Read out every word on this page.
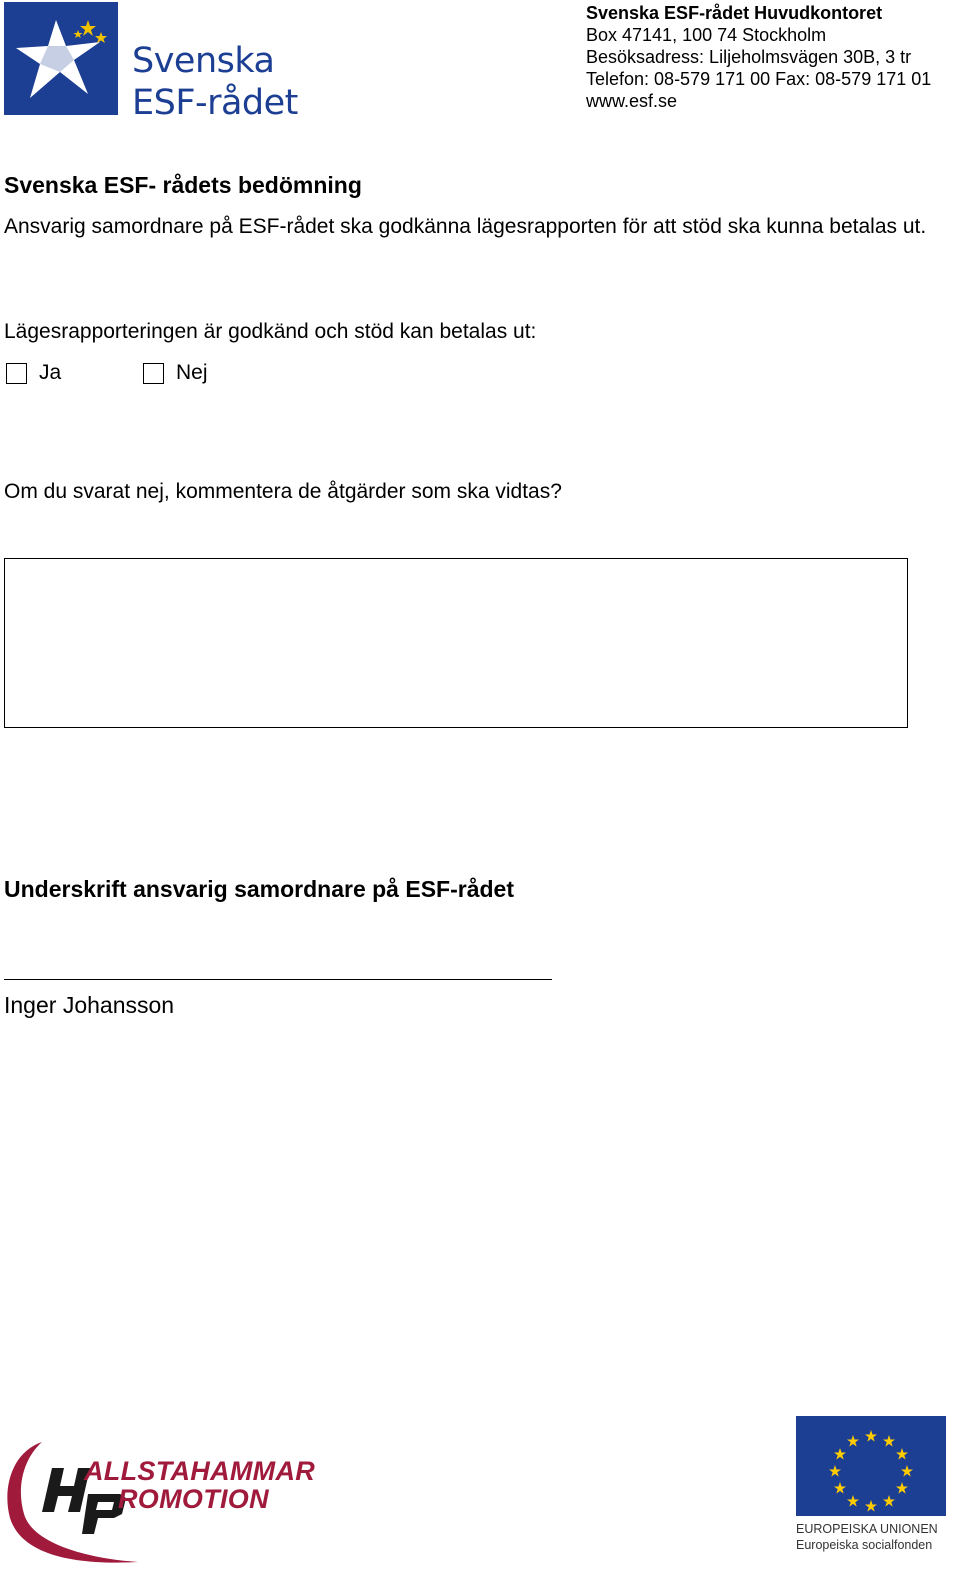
Svenska
ESF-rådet
Svenska ESF-rådet Huvudkontoret
Box 47141, 100 74 Stockholm
Besöksadress: Liljeholmsvägen 30B, 3 tr
Telefon: 08-579 171 00 Fax: 08-579 171 01
www.esf.se
Svenska ESF- rådets bedömning
Ansvarig samordnare på ESF-rådet ska godkänna lägesrapporten för att stöd ska kunna betalas ut.
Lägesrapporteringen är godkänd och stöd kan betalas ut:
Ja	Nej
Om du svarat nej, kommentera de åtgärder som ska vidtas?
Underskrift ansvarig samordnare på ESF-rådet
Inger Johansson
ALLSTAHAMMAR
ROMOTION
EUROPEISKA UNIONEN
Europeiska socialfonden
